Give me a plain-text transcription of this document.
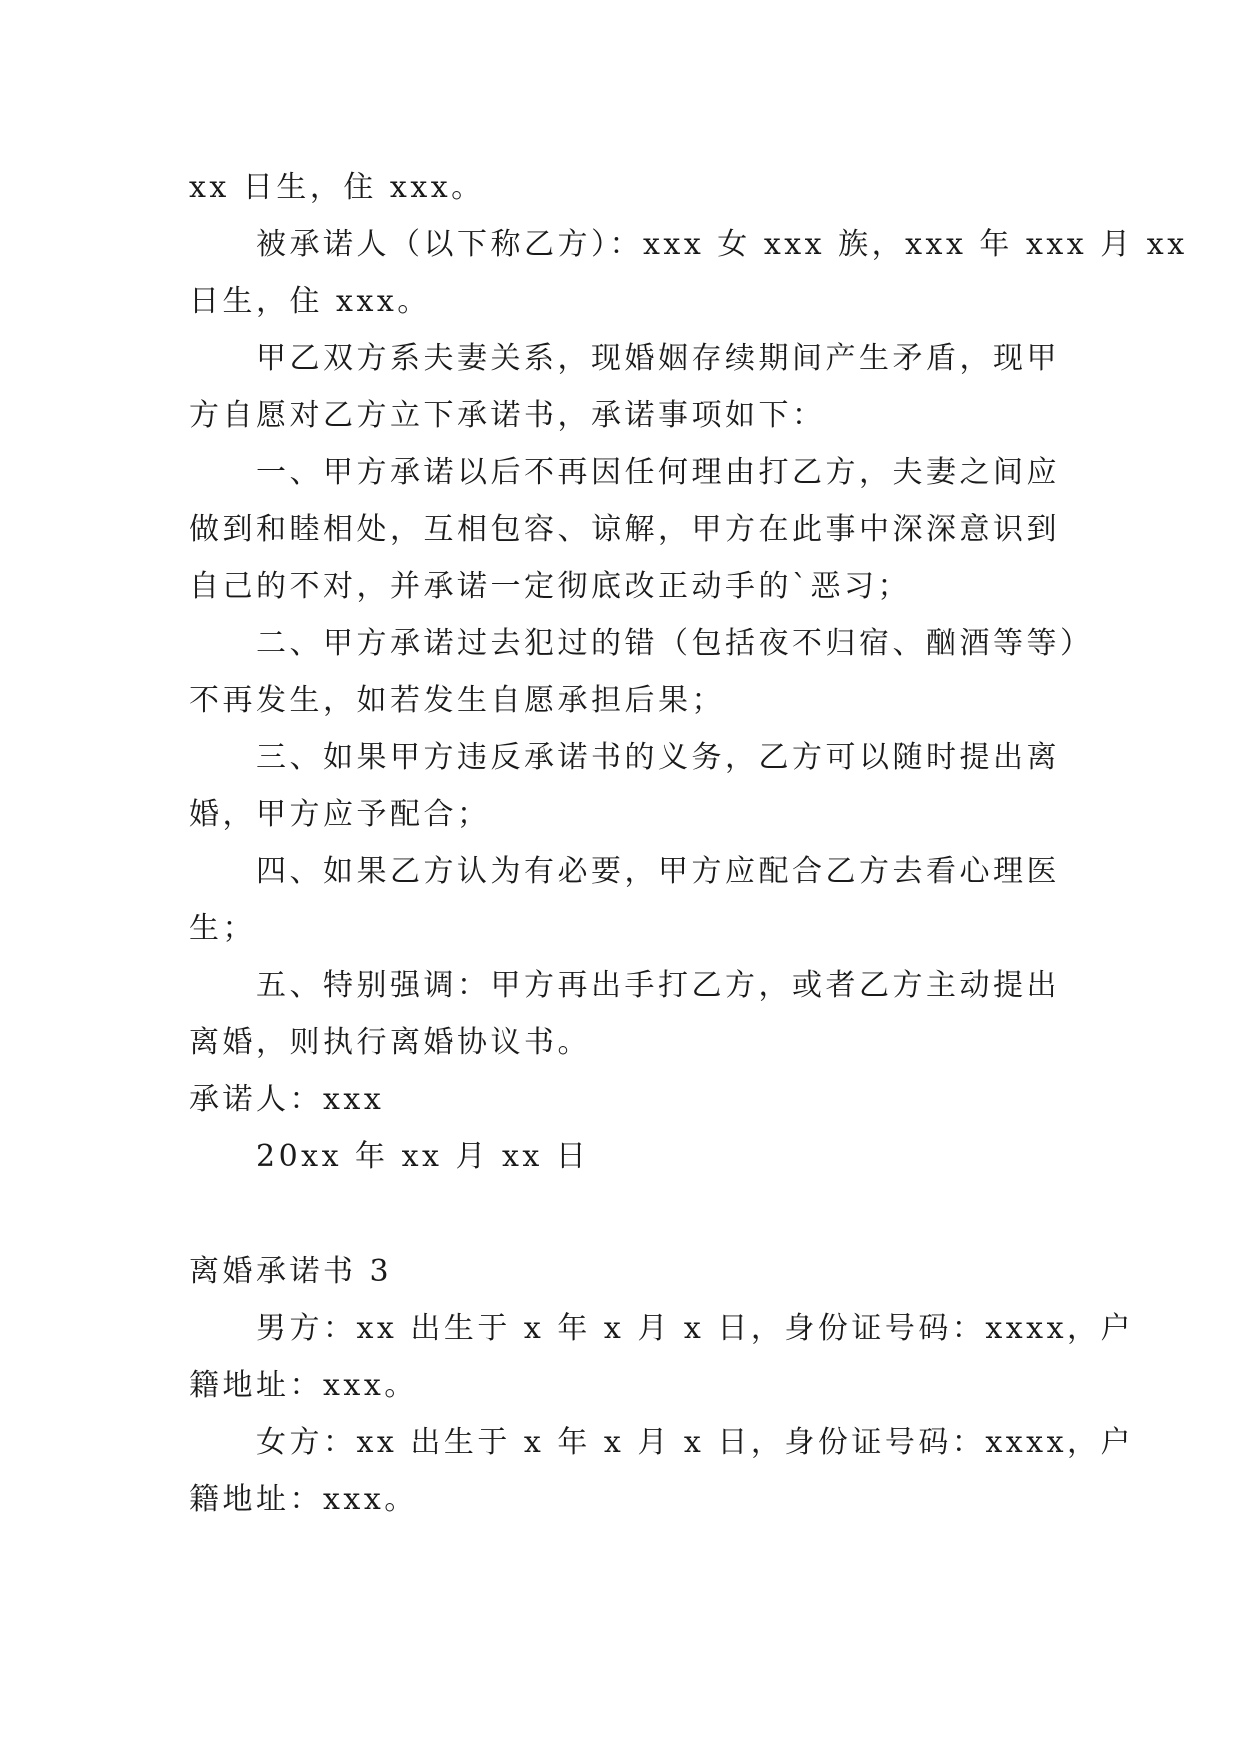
xx 日生，住 xxx。
被承诺人（以下称乙方）：xxx 女 xxx 族，xxx 年 xxx 月 xx
日生，住 xxx。
甲乙双方系夫妻关系，现婚姻存续期间产生矛盾，现甲
方自愿对乙方立下承诺书，承诺事项如下：
一、甲方承诺以后不再因任何理由打乙方，夫妻之间应
做到和睦相处，互相包容、谅解，甲方在此事中深深意识到
自己的不对，并承诺一定彻底改正动手的`恶习；
二、甲方承诺过去犯过的错（包括夜不归宿、酗酒等等）
不再发生，如若发生自愿承担后果；
三、如果甲方违反承诺书的义务，乙方可以随时提出离
婚，甲方应予配合；
四、如果乙方认为有必要，甲方应配合乙方去看心理医
生；
五、特别强调：甲方再出手打乙方，或者乙方主动提出
离婚，则执行离婚协议书。
承诺人：xxx
20xx 年 xx 月 xx 日
离婚承诺书 3
男方：xx 出生于 x 年 x 月 x 日，身份证号码：xxxx，户
籍地址：xxx。
女方：xx 出生于 x 年 x 月 x 日，身份证号码：xxxx，户
籍地址：xxx。
